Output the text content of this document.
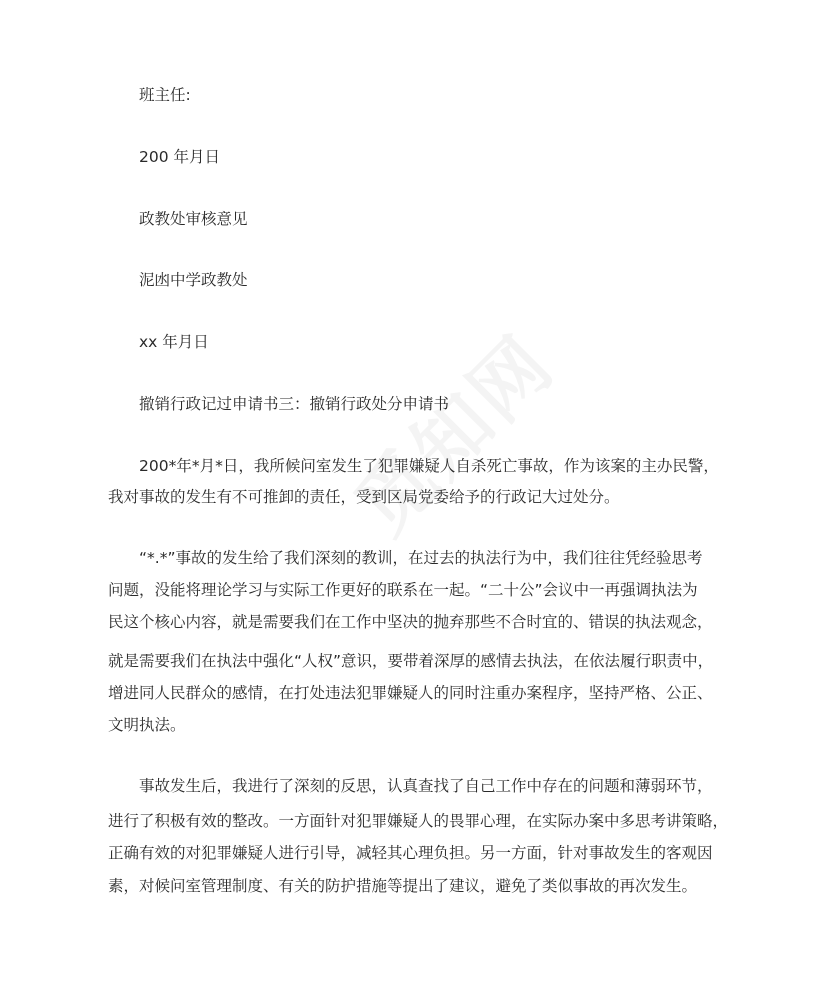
班主任:
200 年月日
政教处审核意见
泥凼中学政教处
xx 年月日
撤销行政记过申请书三：撤销行政处分申请书
200*年*月*日，我所候问室发生了犯罪嫌疑人自杀死亡事故，作为该案的主办民警，
我对事故的发生有不可推卸的责任，受到区局党委给予的行政记大过处分。
“*.*”事故的发生给了我们深刻的教训，在过去的执法行为中，我们往往凭经验思考
问题，没能将理论学习与实际工作更好的联系在一起。“二十公”会议中一再强调执法为
民这个核心内容，就是需要我们在工作中坚决的抛弃那些不合时宜的、错误的执法观念，
就是需要我们在执法中强化“人权”意识，要带着深厚的感情去执法，在依法履行职责中，
增进同人民群众的感情，在打处违法犯罪嫌疑人的同时注重办案程序，坚持严格、公正、
文明执法。
事故发生后，我进行了深刻的反思，认真查找了自己工作中存在的问题和薄弱环节，
进行了积极有效的整改。一方面针对犯罪嫌疑人的畏罪心理，在实际办案中多思考讲策略，
正确有效的对犯罪嫌疑人进行引导，减轻其心理负担。另一方面，针对事故发生的客观因
素，对候问室管理制度、有关的防护措施等提出了建议，避免了类似事故的再次发生。
